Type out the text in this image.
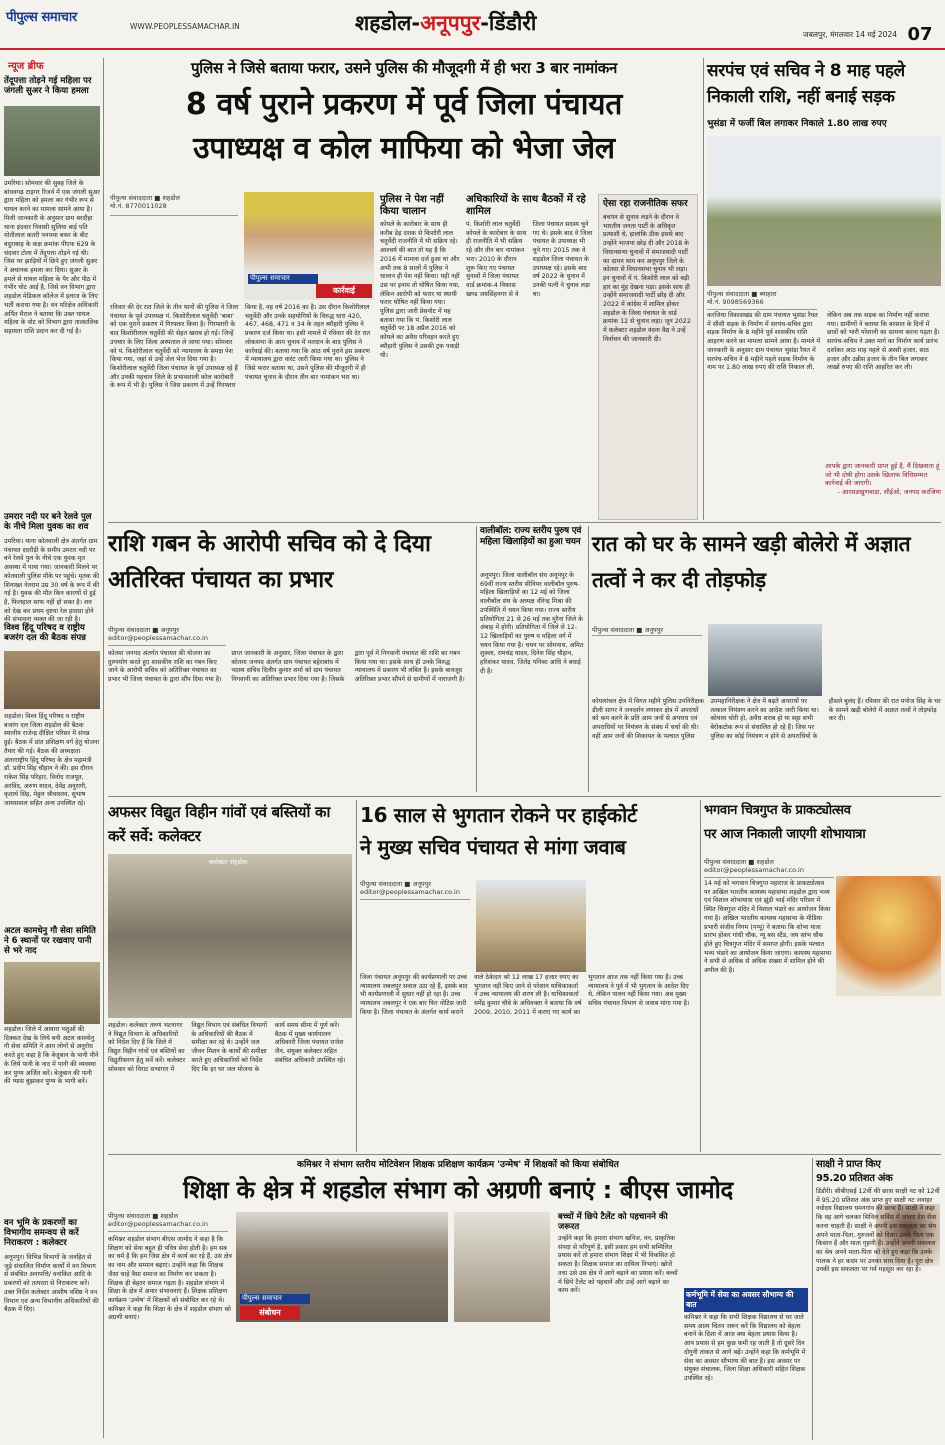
पीपुल्स समाचार
WWW.PEOPLESSAMACHAR.IN	शहडोल-अनूपपुर-डिंडौरी	जबलपुर, मंगलवार 14 मई 2024 07
न्यूज ब्रीफ
तेंदूपत्ता तोड़ने गई महिला पर जंगली सुअर ने किया हमला
उमरिया। सोमवार की सुबह जिले के बांधवगढ़ टाइगर रिजर्व में एक जंगली सुअर द्वारा महिला को हमला कर गंभीर रूप से घायल करने का मामला सामने आया है। मिली जानकारी के अनुसार ग्राम बरदौहा थाना इंदवार निवासी सुलिया बाई पति मोतीलाल कतरी पनपथा बफर के बीट बदुराबाह के कक्ष क्रमांक पीएफ 629 के चंदवार टोला में तेंदूपत्ता तोड़ने गई थी। जिस पर झाड़ियों में छिपे हुए जंगली सुअर ने अचानक हमला कर दिया। सुअर के हमले से घायल महिला के पैर और पीठ में गंभीर चोट आई है, जिसे वन विभाग द्वारा शहडोल मेडिकल कॉलेज में इलाज के लिए भर्ती कराया गया है। वन परिक्षेत्र अधिकारी अर्पित मैराल ने बताया कि उक्त घायल महिला के वोट को विभाग द्वारा तात्कालिक सहायता राशि प्रदान कर दी गई है।
उमरार नदी पर बने रेलवे पुल के नीचे मिला युवक का शव
उमरिया। थाना कोतवाली क्षेत्र अंतर्गत ग्राम पंचायत ददरौड़ी के समीप उमरार नदी पर बने रेलवे पुल के नीचे एक युवक मृत अवस्था में पाया गया। जानकारी मिलने पर कोतवाली पुलिस मौके पर पहुंचे। मृतक की शिनाख्त नेतराम उम्र 30 वर्ष के रूप में की गई है। युवक की मौत किन कारणों से हुई है, फिलहाल साफ नहीं हो सका है। शव को देख कर प्रथम दृष्टया रेल हादसा होने की संभावना व्यक्त की जा रही है।
विश्व हिंदू परिषद व राष्ट्रीय बजरंग दल की बैठक संपन्न
शहडोल। विश्व हिंदू परिषद व राष्ट्रीय बजरंग दल जिला शहडोल की बैठक स्थानीय राजेन्द्र दीक्षित परिसर में संपन्न हुई। बैठक में प्रांत प्रशिक्षण वर्ग हेतु योजना तैयार की गई। बैठक की अध्यक्षता अंतरराष्ट्रीय हिंदू परिषद के क्षेत्र महामंत्री डॉ. प्रदीप सिंह चौहान ने की। इस दौरान राकेश सिंह परिहार, विनोद राजपूत, अरविंद, अरुण यादव, देवेंद्र अनुरागी, कृतार्थ सिंह, मेहुल श्रीवास्तव, सुभाष जायसवाल सहित अन्य उपस्थित रहे।
अटल कामधेनु गौ सेवा समिति ने 6 स्थानों पर रखवाए पानी से भरे नाद
शहडोल। जिले में आवारा पशुओं की दिक्कत देख के लिये बनी अटल कामधेनु गौ सेवा समिति ने आम लोगों से अनुरोध करते हुए कहा है कि बेजुबान के पानी पीने के लिये पानी के नाद में पानी की व्यवस्था कर पुण्य अर्जित करें। बेजुबान की पानी की प्यास बुझाकर पुण्य के भागी बनें।
वन भूमि के प्रकरणों का विभागीय समन्वय से करें निराकरण : कलेक्टर
अनूपपुर। विभिन्न विभागों के जनहित से जुड़े संचालित निर्माण कार्यों में वन विभाग से संबंधित अनापत्ति/ वनांकित आदि के प्रकरणों को तत्परता से निराकरण करें। उक्त निर्देश कलेक्टर आशीष वशिष्ठ ने वन विभाग एवं अन्य विभागीय अधिकारियों की बैठक में दिए।
पुलिस ने जिसे बताया फरार, उसने पुलिस की मौजूदगी में ही भरा 3 बार नामांकन
8 वर्ष पुराने प्रकरण में पूर्व जिला पंचायत
उपाध्यक्ष व कोल माफिया को भेजा जेल
पीपुल्स संवाददाता ■ शहडोल
मो.नं. 8770011028
पीपुल्स समाचार
कार्रवाई
रविवार की देर रात जिले के तीन थानों की पुलिस ने जिला पंचायत के पूर्व उपाध्यक्ष पं. किशोरीलाल चतुर्वेदी 'बाबा' को एक पुराने प्रकरण में गिरफ्तार किया है। गिरफ्तारी के बाद किशोरीलाल चतुर्वेदी की सेहत खराब हो गई। जिन्हें उपचार के लिए जिला अस्पताल ले जाया गया। सोमवार को पं. किशोरीलाल चतुर्वेदी को न्यायालय के समक्ष पेश किया गया, जहां से उन्हें जेल भेज दिया गया है। किशोरीलाल चतुर्वेदी जिला पंचायत के पूर्व उपाध्यक्ष रहे हैं और उनकी पहचान जिले के प्रभावशाली कोल कारोबारी के रूप में भी है। पुलिस ने जिस प्रकरण में उन्हें गिरफ्तार किया है, वह वर्ष 2016 का है। उस दौरान किशोरीलाल चतुर्वेदी और उनके सहयोगियों के विरुद्ध धारा 420, 467, 468, 471 व 34 के तहत ब्यौहारी पुलिस ने प्रकरण दर्ज किया था। इसी मामले में रविवार की देर रात लोकसभा के आम चुनाव में मतदान के बाद पुलिस ने कार्रवाई की। बताया गया कि आठ वर्ष पुराने इस प्रकरण में न्यायालय द्वारा वारंट जारी किया गया था। पुलिस ने जिसे फरार बताया था, उसने पुलिस की मौजूदगी में ही पंचायत चुनाव के दौरान तीन बार नामांकन भरा था।
पुलिस ने पेश नहीं किया चालान
कोयले के कारोबार के साथ ही करीब डेढ़ दशक से किशोरी लाल चतुर्वेदी राजनीति में भी सक्रिय रहे। आश्चर्य की बात तो यह है कि 2016 में मामला दर्ज हुआ था और अभी तक 8 सालों में पुलिस ने चालान ही पेश नहीं किया। यही नहीं उस पर इनाम तो घोषित किया गया, लेकिन आरोपी को फरार या स्थायी फरार घोषित नहीं किया गया। पुलिस द्वारा जारी प्रेसनोट में यह बताया गया कि पं. किशोरी लाल चतुर्वेदी पर 18 अप्रैल 2016 को कोयले का अवैध परिवहन करते हुए ब्यौहारी पुलिस ने उसकी ट्रक पकड़ी थी।
अधिकारियों के साथ बैठकों में रहे शामिल
पं. किशोरी लाल चतुर्वेदी कोयले के कारोबार के साथ ही राजनीति में भी सक्रिय रहे और तीन बार नामांकन भरा। 2010 के दौरान शुरू किए गए पंचायत चुनावों में जिला पंचायत वार्ड क्रमांक-4 विकास खण्ड जयसिंहनगर से वे जिला पंचायत सदस्य चुने गए थे। इसके बाद वे जिला पंचायत के उपाध्यक्ष भी चुने गए। 2015 तक वे शहडोल जिला पंचायत के उपाध्यक्ष रहे। इसके बाद वर्ष 2022 के चुनाव में उनकी पत्नी ने चुनाव लड़ा था।
ऐसा रहा राजनीतिक सफर
बचपन से सुनाव लड़ने के दौरान वे भारतीय जनता पार्टी के अधिकृत प्रत्याशी थे, हालांकि ठीक इससे बाद उन्होंने भाजपा छोड़ दी और 2018 के विधानसभा चुनावों में समाजवादी पार्टी का दामन थाम कर अनूपपुर जिले के कोतमा से विधानसभा चुनाव भी लड़ा। इन चुनावों में पं. किशोरी लाल को बड़ी हार का मुंह देखना पड़ा। इसके साथ ही उन्होंने समाजवादी पार्टी छोड़ दी और 2022 में कांग्रेस में शामिल होकर शहडोल के जिला पंचायत के वार्ड क्रमांक 12 से चुनाव लड़ा। जून 2022 में कलेक्टर शहडोल वंदना वैद्य ने उन्हें निर्वाचन की जानकारी दी।
सरपंच एवं सचिव ने 8 माह पहले निकाली राशि, नहीं बनाई सड़क
भुसंडा में फर्जी बिल लगाकर निकाले 1.80 लाख रुपए
पीपुल्स संवाददाता ■ ब्याहारा
मो.नं. 9098569366
करजिया विकासखंड की ग्राम पंचायत भुसंडा रैयत में सीसी सड़क के निर्माण में सरपंच-सचिव द्वारा सड़क निर्माण के 8 महीने पूर्व शासकीय राशि आहरण करने का मामला सामने आया है। मामले में जानकारी के अनुसार ग्राम पंचायत भुसंडा रैयत में सरपंच-सचिव ने 8 महीने पहले सड़क निर्माण के नाम पर 1.80 लाख रुपए की राशि निकाल ली, लेकिन अब तक सड़क का निर्माण नहीं कराया गया। ग्रामीणों ने बताया कि बरसात के दिनों में छात्रों को भारी परेशानी का सामना करना पड़ता है। सरपंच-सचिव ने उक्त मार्ग का निर्माण कार्य प्रारंभ दर्शाकर आठ माह पहले से अस्सी हजार, साठ हजार और उन्नीस हजार के तीन बिल लगाकर लाखों रुपए की राशि आहरित कर ली।
आपके द्वारा जानकारी प्राप्त हुई है, मैं दिखवाता हूं जो भी दोषी होगा उसके खिलाफ विधिसम्मत कार्रवाई की जाएगी।
- आरसडखुणवाडा, सीईओ, जनपद करजिया
राशि गबन के आरोपी सचिव को दे दिया अतिरिक्त पंचायत का प्रभार
पीपुल्स संवाददाता ■ अनूपपुर
editor@peoplessamachar.co.in
कोतमा जनपद अंतर्गत पंचायत की योजना का दुरुपयोग करते हुए शासकीय राशि का गबन किए जाने के आरोपी सचिव को अतिरिक्त पंचायत का प्रभार भी जिला पंचायत के द्वारा सौंप दिया गया है। प्राप्त जानकारी के अनुसार, जिला पंचायत के द्वारा कोतमा जनपद अंतर्गत ग्राम पंचायत बहेराबांध में पदस्थ सचिव दिलीप कुमार शर्मा को ग्राम पंचायत निगवानी का अतिरिक्त प्रभार दिया गया है। जिसके द्वारा पूर्व में निगवानी पंचायत की राशि का गबन किया गया था। इसके साथ ही उनके विरुद्ध न्यायालय में प्रकरण भी लंबित है। इसके बावजूद अतिरिक्त प्रभार सौंपने से ग्रामीणों में नाराजगी है।
वालीबॉल: राज्य स्तरीय पुरुष एवं महिला खिलाड़ियों का हुआ चयन
अनूपपुर। जिला वालीबॉल संघ अनूपपुर के 69वीं राज्य स्तरीय सीनियर वालीबॉल पुरुष-महिला खिलाड़ियों का 12 मई को जिला वालीबॉल संघ के अध्यक्ष वीरेन्द्र मिश्रा की उपस्थिति में चयन किया गया। राज्य स्तरीय प्रतियोगिता 21 से 26 मई तक मुरैना जिले के अंबाह में होगी। प्रतियोगिता में जिले से 12-12 खिलाड़ियों का पुरुष व महिला वर्ग में चयन किया गया है। चयन पर सोमनाथ, अमित शुक्ला, रामचंद्र यादव, दिनेश सिंह चौहान, हरिशंकर यादव, जितेंद्र पनिका आदि ने बधाई दी है।
रात को घर के सामने खड़ी बोलेरो में अज्ञात तत्वों ने कर दी तोड़फोड़
पीपुल्स संवाददाता ■ अनूपपुर
कोयलांचल क्षेत्र में विगत महीने पुलिस उपनिरीक्षक डीली सागर ने जनदर्शन लगाकर क्षेत्र में अपराधों को कम करने के प्रति आम जनों से अपराध एवं अपराधियों पर नियंत्रण के संबंध में चर्चा की थी। वहीं आम जनों की शिकायत के पश्चात पुलिस उपमहानिरीक्षक ने क्षेत्र में बढ़ते अपराधों पर तत्काल नियंत्रण करने का आदेश जारी किया था। कोयला चोरी हो, अवैध शराब हो या सट्टा सभी बेरोकटोक रूप से संचालित हो रहे हैं। जिस पर पुलिस का कोई नियंत्रण न होने से अपराधियों के हौसले बुलंद हैं। रविवार की रात मनोज सिंह के घर के सामने खड़ी बोलेरो में अज्ञात तत्वों ने तोड़फोड़ कर दी।
अफसर विद्युत विहीन गांवों एवं बस्तियों का करें सर्वे: कलेक्टर
कलेक्टर शहडोल
शहडोल। कलेक्टर तरुण भटनागर ने विद्युत विभाग के अधिकारियों को निर्देश दिए हैं कि जिले में विद्युत विहीन गांवों एवं बस्तियों का विद्युतीकरण हेतु सर्वे करें। कलेक्टर सोमवार को विराट सभागार में विद्युत विभाग एवं संबंधित विभागों के अधिकारियों की बैठक में समीक्षा कर रहे थे। उन्होंने जल जीवन मिशन के कार्यों की समीक्षा करते हुए अधिकारियों को निर्देश दिए कि हर घर जल योजना के कार्य समय सीमा में पूर्ण करें। बैठक में मुख्य कार्यपालन अधिकारी जिला पंचायत राजेश जैन, संयुक्त कलेक्टर सहित संबंधित अधिकारी उपस्थित रहे।
16 साल से भुगतान रोकने पर हाईकोर्ट
ने मुख्य सचिव पंचायत से मांगा जवाब
पीपुल्स संवाददाता ■ अनूपपुर
editor@peoplessamachar.co.in
जिला पंचायत अनूपपुर की कार्यप्रणाली पर उच्च न्यायालय जबलपुर सवाल उठा रहे हैं, इसके बाद भी कार्यप्रणाली में सुधार नहीं हो रहा है। उच्च न्यायालय जबलपुर ने एक बार फिर नोटिस जारी किया है। जिला पंचायत के अंतर्गत कार्य कराने वाले ठेकेदार को 12 लाख 17 हजार रुपए का भुगतान नहीं किए जाने से परेशान याचिकाकर्ता ने उच्च न्यायालय की शरण ली है। याचिकाकर्ता धर्मेंद्र कुमार चौबे के अधिवक्ता ने बताया कि वर्ष 2009, 2010, 2011 में कराए गए कार्य का भुगतान आज तक नहीं किया गया है। उच्च न्यायालय ने पूर्व में भी भुगतान के आदेश दिए थे, लेकिन पालन नहीं किया गया। अब मुख्य सचिव पंचायत विभाग से जवाब मांगा गया है।
भगवान चित्रगुप्त के प्राकट्योत्सव
पर आज निकाली जाएगी शोभायात्रा
पीपुल्स संवाददाता ■ शहडोल
editor@peoplessamachar.co.in
14 मई को भगवान चित्रगुप्त महाराज के प्राकट्योत्सव पर अखिल भारतीय कायस्थ महासभा शहडोल द्वारा भव्य एवं विशाल शोभायात्रा एवं झूंडी भाई मंदिर परिसर में स्थित चित्रगुप्त मंदिर में विशाल भंडारे का आयोजन किया गया है। अखिल भारतीय कायस्थ महासभा के मीडिया प्रभारी संजीव निगम (पप्पू) ने बताया कि शोभा यात्रा प्रारंभ होकर गांधी चौक, न्यू बस स्टैंड, जय स्तंभ चौक होते हुए चित्रगुप्त मंदिर में समाप्त होगी। इसके पश्चात भव्य भंडारे का आयोजन किया जाएगा। कायस्थ महासभा ने सभी से अधिक से अधिक संख्या में शामिल होने की अपील की है।
कमिश्नर ने संभाग स्तरीय मोटिवेशन शिक्षक प्रशिक्षण कार्यक्रम 'उन्मेष' में शिक्षकों को किया संबोधित
शिक्षा के क्षेत्र में शहडोल संभाग को अग्रणी बनाएं : बीएस जामोद
पीपुल्स संवाददाता ■ शहडोल
editor@peoplessamachar.co.in
पीपुल्स समाचार
संबोधन
कमिश्नर शहडोल संभाग बीएस जामोद ने कहा है कि शिक्षण को सेवा बहुत ही पवित्र सेवा होती है। हम सब का धर्म है कि हम जिस क्षेत्र में कार्य कर रहे हैं, उस क्षेत्र का नाम और सम्मान बढ़ाएं। उन्होंने कहा कि शिक्षक जैसा चाहे वैसा समाज का निर्माण कर सकता है। शिक्षक ही बेहतर समाज गढ़ता है। शहडोल संभाग में शिक्षा के क्षेत्र में अपार संभावनाएं हैं। शिक्षक प्रशिक्षण कार्यक्रम 'उन्मेष' में शिक्षकों को संबोधित कर रहे थे। कमिश्नर ने कहा कि शिक्षा के क्षेत्र में शहडोल संभाग को अग्रणी बनाएं।
बच्चों में छिपे टैलेंट को पहचानने की जरूरत
उन्होंने कहा कि हमारा संभाग खनिज, वन, प्राकृतिक संपदा से परिपूर्ण है, इसी प्रकार हम सभी सम्मिलित प्रयास करें तो हमारा संभाग शिक्षा में भी विकसित हो सकता है। शिक्षक समाज का दायित्व निभाएं। खोजें तथा उसे उस क्षेत्र में आगे बढ़ाने का प्रयास करें। बच्चों में छिपे टैलेंट को पहचानें और उन्हें आगे बढ़ाने का काम करें।	कर्मभूमि में सेवा का अवसर सौभाग्य की बात
कमिश्नर ने कहा कि सभी शिक्षक विद्यालय से घर जाते समय आत्म चिंतन जरूर करें कि विद्यालय को बेहतर बनाने के दिशा में आज क्या बेहतर प्रयास किया है। आप प्रयास से हम कुछ कमी रह जाती है तो दूसरे दिन दोगुनी ताकत से आगे बढ़ें। उन्होंने कहा कि कर्मभूमि में सेवा का अवसर सौभाग्य की बात है। इस अवसर पर संयुक्त संचालक, जिला शिक्षा अधिकारी सहित शिक्षक उपस्थित रहे।
साक्षी ने प्राप्त किए
95.20 प्रतिशत अंक
डिंडौरी। सीबीएसई 12वीं की छात्रा साक्षी नट को 12वीं में 95.20 प्रतिशत अंक प्राप्त हुए साक्षी नट जवाहर नवोदय विद्यालय धमनगांव की छात्रा हैं। साक्षी ने कहा कि वह आगे चलकर सिविल सर्विस में जाकर देश सेवा करना चाहती हैं। साक्षी ने अपनी इस सफलता का श्रेय अपने माता-पिता, गुरुजनों को दिया। उनके पिता एक किसान हैं और माता गृहणी हैं। उन्होंने अपनी सफलता का श्रेय अपने माता-पिता को देते हुए कहा कि उनके पालक ने हर कदम पर उनका साथ दिया है। पूरा क्षेत्र उनकी इस सफलता पर गर्व महसूस कर रहा है।
